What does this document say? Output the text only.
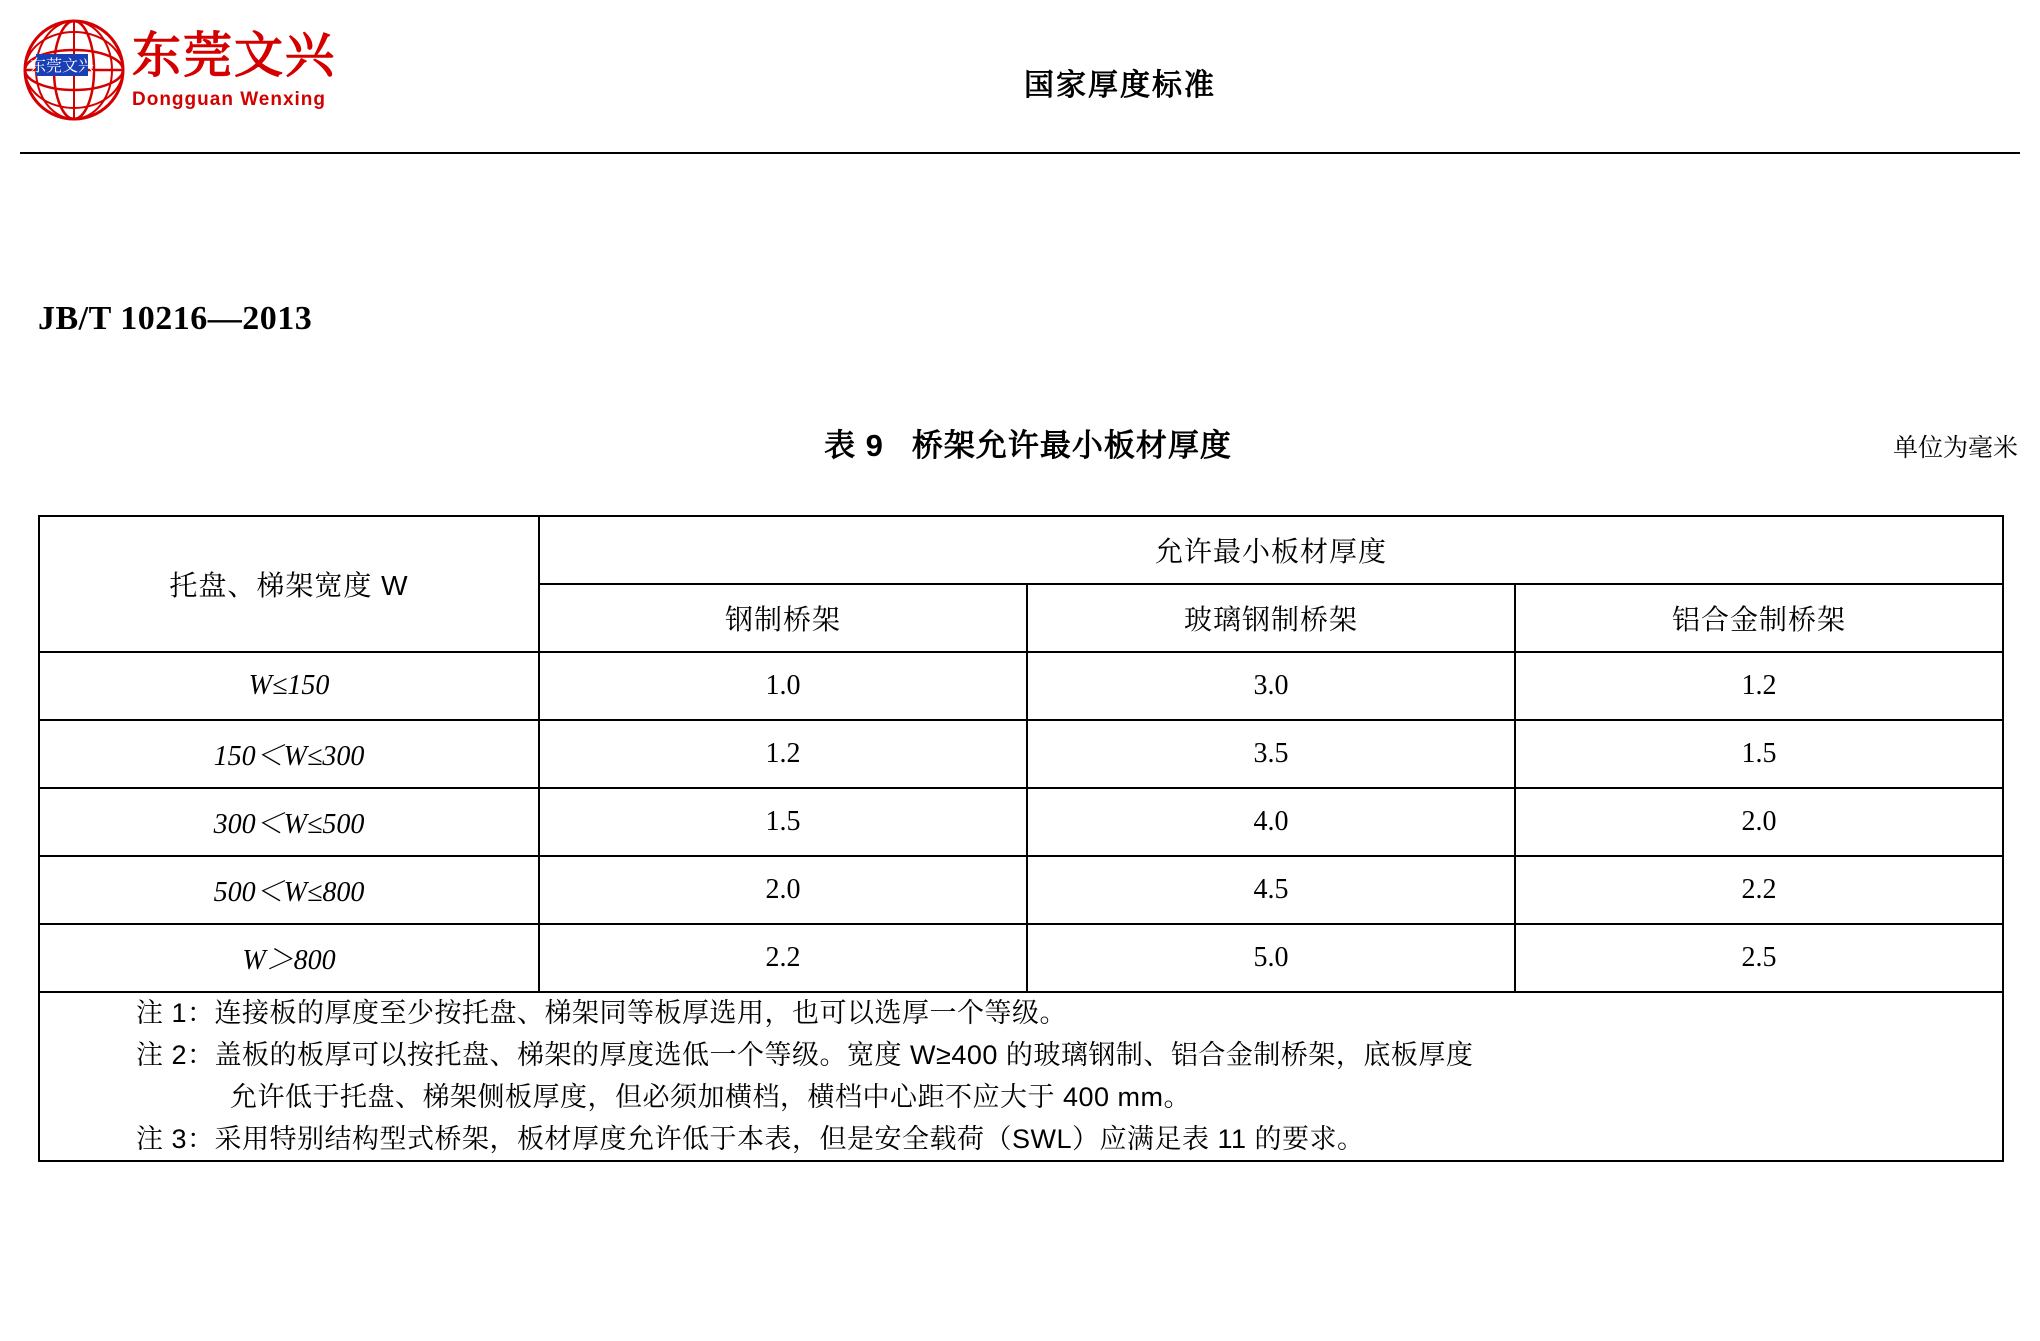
东莞文兴 东莞文兴
Dongguan Wenxing	国家厚度标准
JB/T 10216—2013
表 9 桥架允许最小板材厚度	单位为毫米
托盘、梯架宽度 W	允许最小板材厚度		
	钢制桥架	玻璃钢制桥架	铝合金制桥架
W≤150	1.0	3.0	1.2
150＜W≤300	1.2	3.5	1.5
300＜W≤500	1.5	4.0	2.0
500＜W≤800	2.0	4.5	2.2
W＞800	2.2	5.0	2.5

注 1：连接板的厚度至少按托盘、梯架同等板厚选用，也可以选厚一个等级。
注 2：盖板的板厚可以按托盘、梯架的厚度选低一个等级。宽度 W≥400 的玻璃钢制、铝合金制桥架，底板厚度
允许低于托盘、梯架侧板厚度，但必须加横档，横档中心距不应大于 400 mm。
注 3：采用特别结构型式桥架，板材厚度允许低于本表，但是安全载荷（SWL）应满足表 11 的要求。			
